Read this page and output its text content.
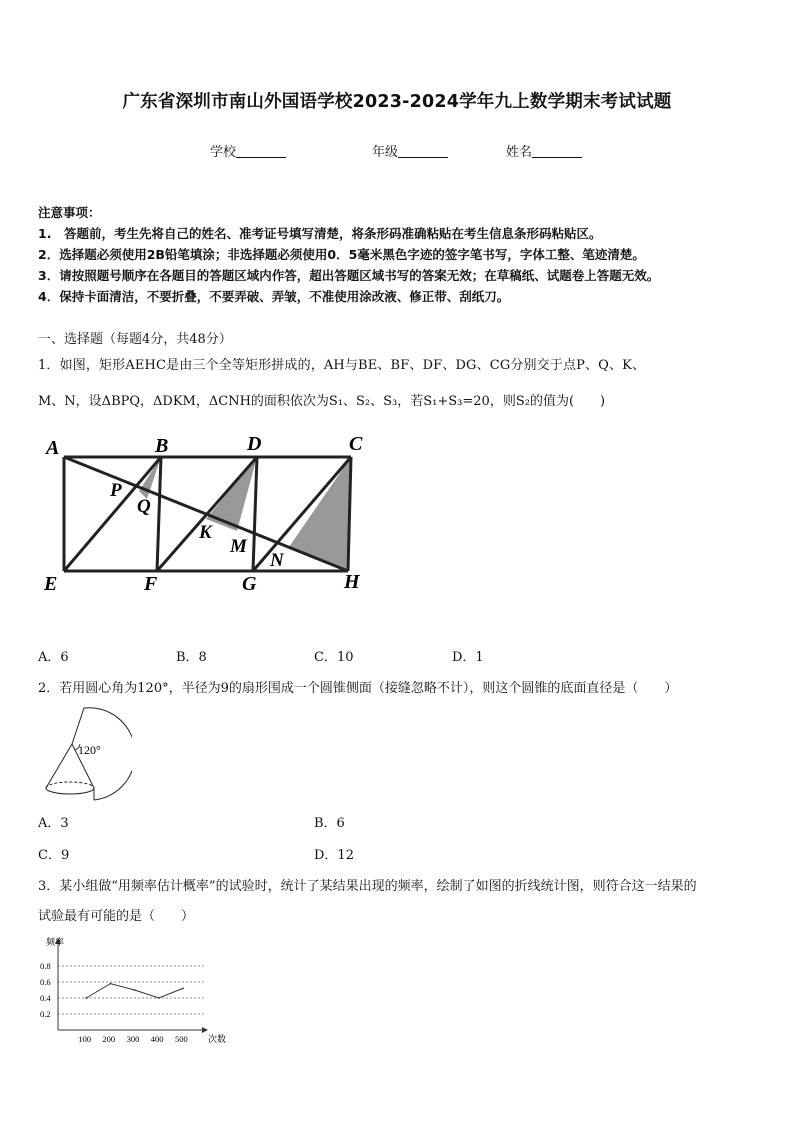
广东省深圳市南山外国语学校2023-2024学年九上数学期末考试试题
学校	年级	姓名
注意事项：
1.　答题前，考生先将自己的姓名、准考证号填写清楚，将条形码准确粘贴在考生信息条形码粘贴区。
2．选择题必须使用2B铅笔填涂；非选择题必须使用0．5毫米黑色字迹的签字笔书写，字体工整、笔迹清楚。
3．请按照题号顺序在各题目的答题区域内作答，超出答题区域书写的答案无效；在草稿纸、试题卷上答题无效。
4．保持卡面清洁，不要折叠，不要弄破、弄皱，不准使用涂改液、修正带、刮纸刀。
一、选择题（每题4分，共48分）
1．如图，矩形AEHC是由三个全等矩形拼成的，AH与BE、BF、DF、DG、CG分别交于点P、Q、K、
M、N，设ΔBPQ，ΔDKM，ΔCNH的面积依次为S₁、S₂、S₃，若S₁+S₃=20，则S₂的值为(　　)
A	B	D	C
P
Q
K
M
N
E	F	G	H
A．6	B．8	C．10	D．1
2．若用圆心角为120°，半径为9的扇形围成一个圆锥侧面（接缝忽略不计），则这个圆锥的底面直径是（　　）
120°
A．3	B．6
C．9	D．12
3．某小组做“用频率估计概率”的试验时，统计了某结果出现的频率，绘制了如图的折线统计图，则符合这一结果的
试验最有可能的是（　　）
频率
次数
0.2
0.4
0.6
0.8
100 200 300 400 500
